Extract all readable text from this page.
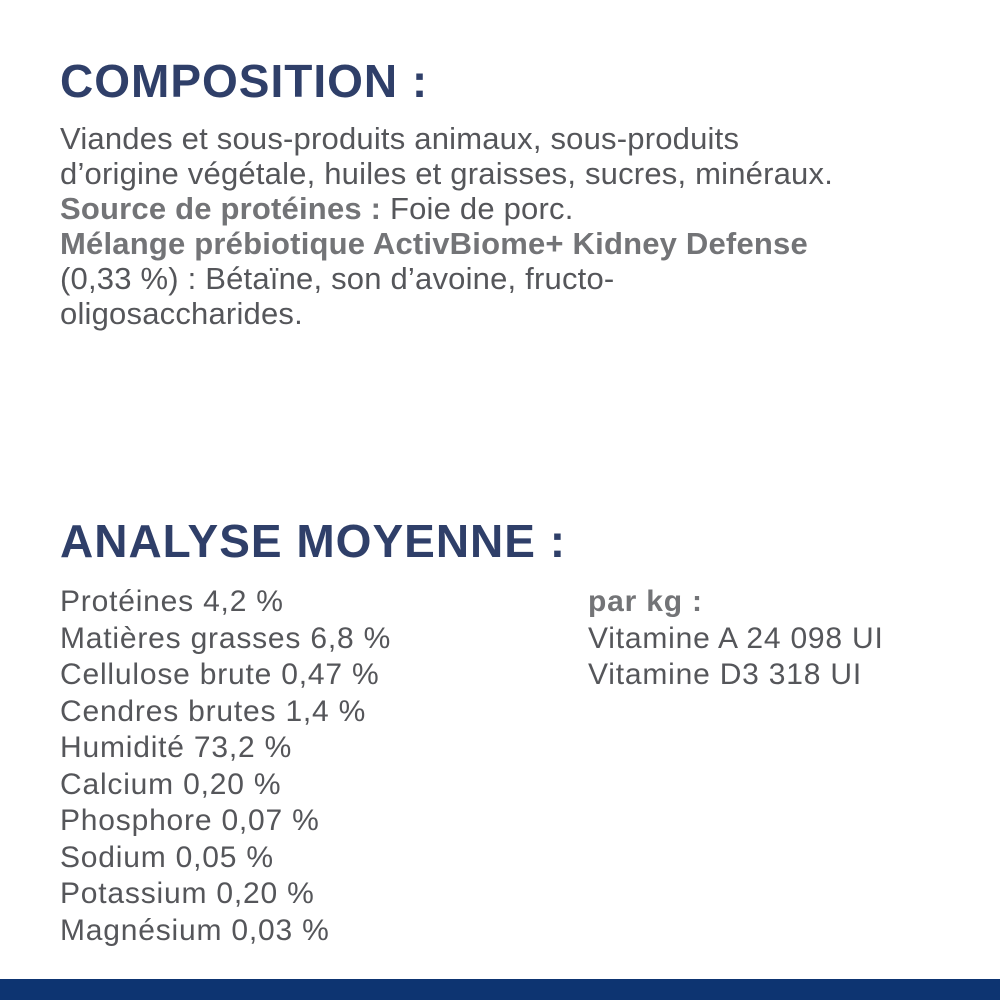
COMPOSITION :
Viandes et sous-produits animaux, sous-produits
d’origine végétale, huiles et graisses, sucres, minéraux.
Source de protéines : Foie de porc.
Mélange prébiotique ActivBiome+ Kidney Defense
(0,33 %) : Bétaïne, son d’avoine, fructo-
oligosaccharides.
ANALYSE MOYENNE :
Protéines 4,2 %
Matières grasses 6,8 %
Cellulose brute 0,47 %
Cendres brutes 1,4 %
Humidité 73,2 %
Calcium 0,20 %
Phosphore 0,07 %
Sodium 0,05 %
Potassium 0,20 %
Magnésium 0,03 %
par kg :
Vitamine A 24 098 UI
Vitamine D3 318 UI
